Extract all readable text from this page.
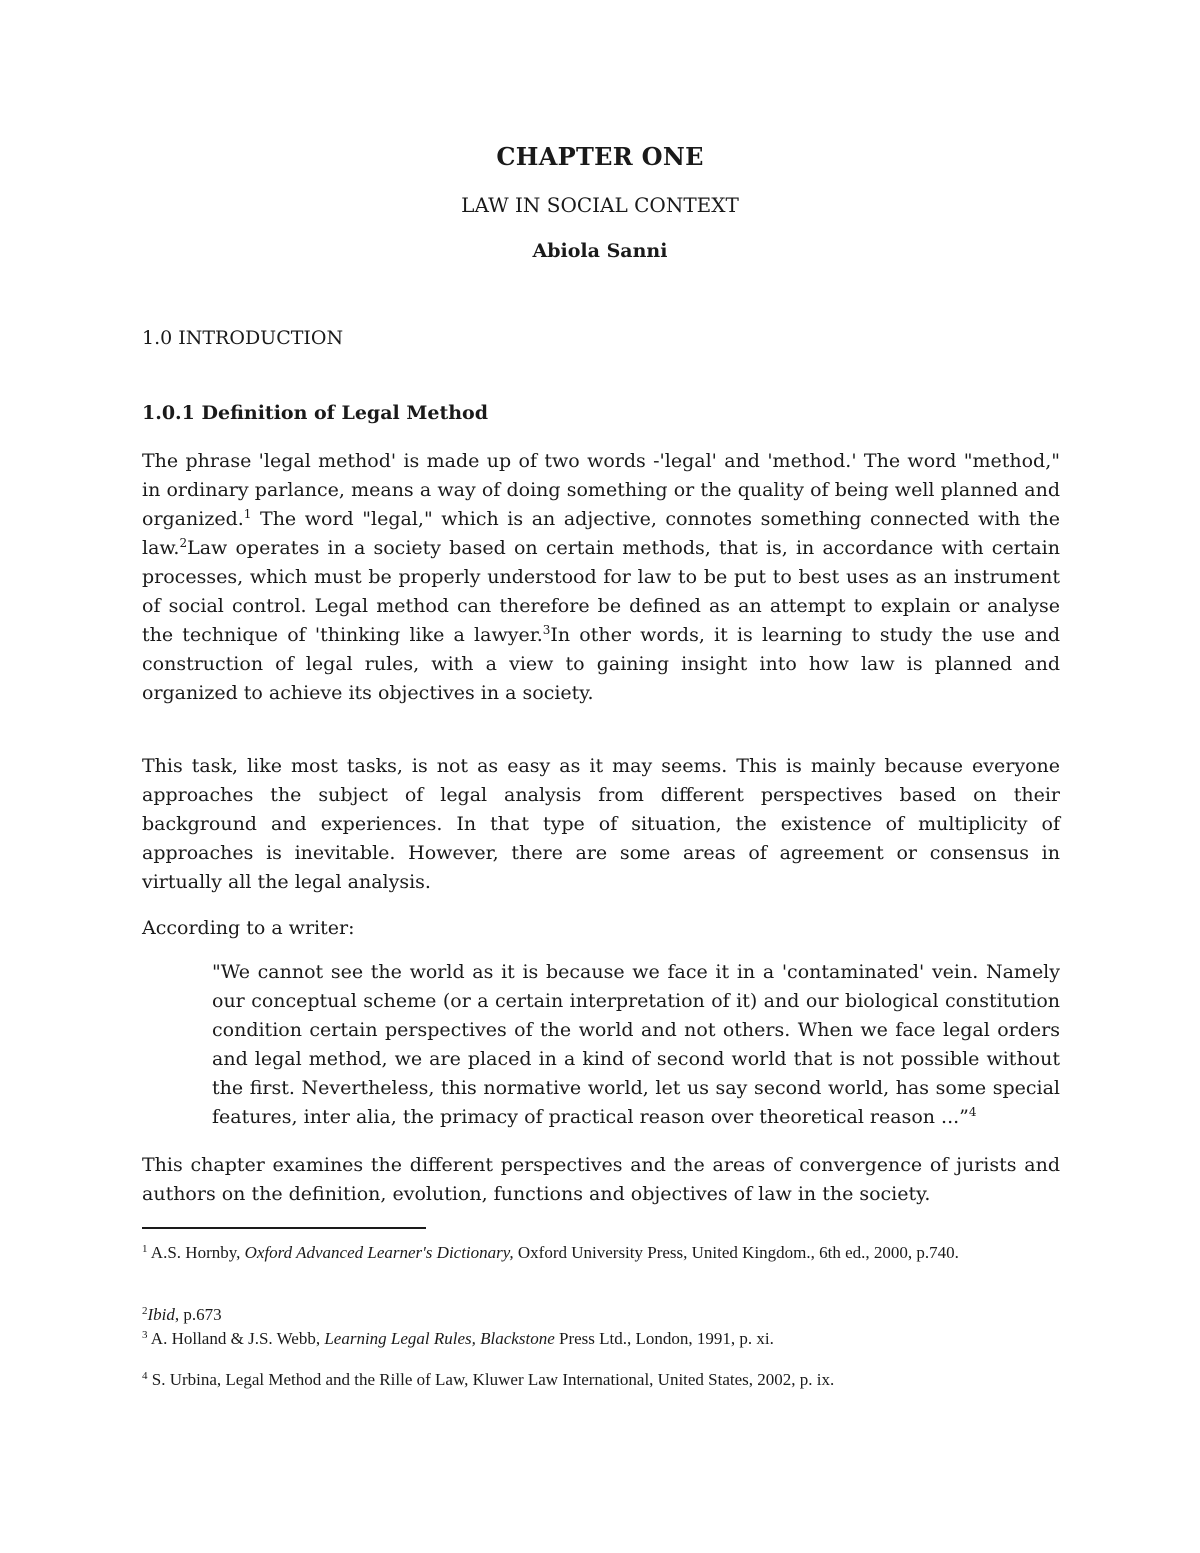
CHAPTER ONE
LAW IN SOCIAL CONTEXT
Abiola Sanni
1.0 INTRODUCTION
1.0.1 Definition of Legal Method

The phrase 'legal method' is made up of two words -'legal' and 'method.' The word "method," in ordinary parlance, means a way of doing something or the quality of being well planned and organized.$^1$ The word "legal," which is an adjective, connotes something connected with the law.$^2$Law operates in a society based on certain methods, that is, in accordance with certain processes, which must be properly understood for law to be put to best uses as an instrument of social control. Legal method can therefore be defined as an attempt to explain or analyse the technique of 'thinking like a lawyer.$^3$In other words, it is learning to study the use and construction of legal rules, with a view to gaining insight into how law is planned and organized to achieve its objectives in a society.

This task, like most tasks, is not as easy as it may seems. This is mainly because everyone approaches the subject of legal analysis from different perspectives based on their background and experiences. In that type of situation, the existence of multiplicity of approaches is inevitable. However, there are some areas of agreement or consensus in virtually all the legal analysis.

According to a writer:

"We cannot see the world as it is because we face it in a 'contaminated' vein. Namely our conceptual scheme (or a certain interpretation of it) and our biological constitution condition certain perspectives of the world and not others. When we face legal orders and legal method, we are placed in a kind of second world that is not possible without the first. Nevertheless, this normative world, let us say second world, has some special features, inter alia, the primacy of practical reason over theoretical reason ...”$^4$

This chapter examines the different perspectives and the areas of convergence of jurists and authors on the definition, evolution, functions and objectives of law in the society.

$^1$ A.S. Hornby, Oxford Advanced Learner's Dictionary, Oxford University Press, United Kingdom., 6th ed., 2000, p.740.
$^2$Ibid, p.673
$^3$ A. Holland & J.S. Webb, Learning Legal Rules, Blackstone Press Ltd., London, 1991, p. xi.
$^4$ S. Urbina, Legal Method and the Rille of Law, Kluwer Law International, United States, 2002, p. ix.
